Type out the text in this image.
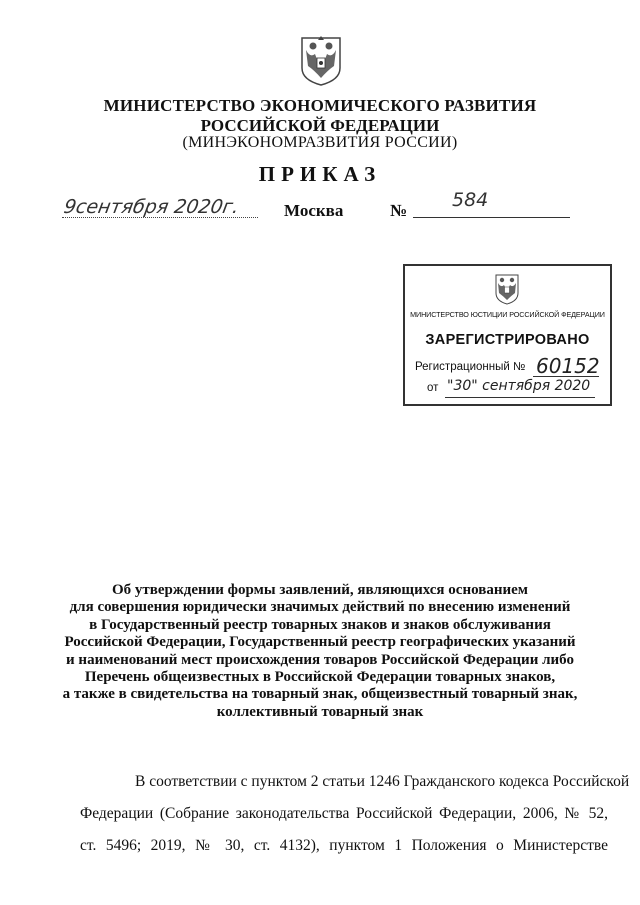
МИНИСТЕРСТВО ЭКОНОМИЧЕСКОГО РАЗВИТИЯ
РОССИЙСКОЙ ФЕДЕРАЦИИ
(МИНЭКОНОМРАЗВИТИЯ РОССИИ)
ПРИКАЗ
9сентября 2020г.	Москва	№ 584
МИНИСТЕРСТВО ЮСТИЦИИ РОССИЙСКОЙ ФЕДЕРАЦИИ
ЗАРЕГИСТРИРОВАНО
Регистрационный № 60152
от "30" сентября 2020
Об утверждении формы заявлений, являющихся основанием
для совершения юридически значимых действий по внесению изменений
в Государственный реестр товарных знаков и знаков обслуживания
Российской Федерации, Государственный реестр географических указаний
и наименований мест происхождения товаров Российской Федерации либо
Перечень общеизвестных в Российской Федерации товарных знаков,
а также в свидетельства на товарный знак, общеизвестный товарный знак,
коллективный товарный знак
В соответствии с пунктом 2 статьи 1246 Гражданского кодекса Российской
Федерации (Собрание законодательства Российской Федерации, 2006, № 52,
ст. 5496; 2019, № 30, ст. 4132), пунктом 1 Положения о Министерстве
